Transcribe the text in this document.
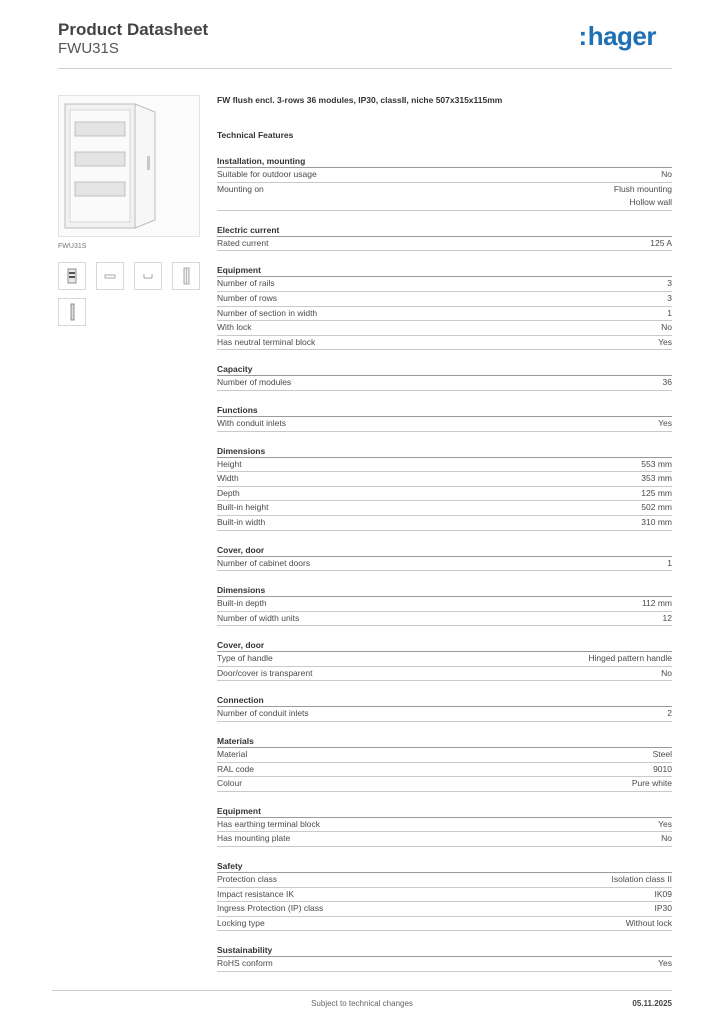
Product Datasheet
FWU31S	:hager
FWU31S
FW flush encl. 3-rows 36 modules, IP30, classII, niche 507x315x115mm
Technical Features
Installation, mounting
Suitable for outdoor usage	No
Mounting on	Flush mounting
Hollow wall
Electric current
Rated current	125 A
Equipment
Number of rails	3
Number of rows	3
Number of section in width	1
With lock	No
Has neutral terminal block	Yes
Capacity
Number of modules	36
Functions
With conduit inlets	Yes
Dimensions
Height	553 mm
Width	353 mm
Depth	125 mm
Built-in height	502 mm
Built-in width	310 mm
Cover, door
Number of cabinet doors	1
Dimensions
Built-in depth	112 mm
Number of width units	12
Cover, door
Type of handle	Hinged pattern handle
Door/cover is transparent	No
Connection
Number of conduit inlets	2
Materials
Material	Steel
RAL code	9010
Colour	Pure white
Equipment
Has earthing terminal block	Yes
Has mounting plate	No
Safety
Protection class	Isolation class II
Impact resistance IK	IK09
Ingress Protection (IP) class	IP30
Locking type	Without lock
Sustainability
RoHS conform	Yes
Subject to technical changes	05.11.2025
